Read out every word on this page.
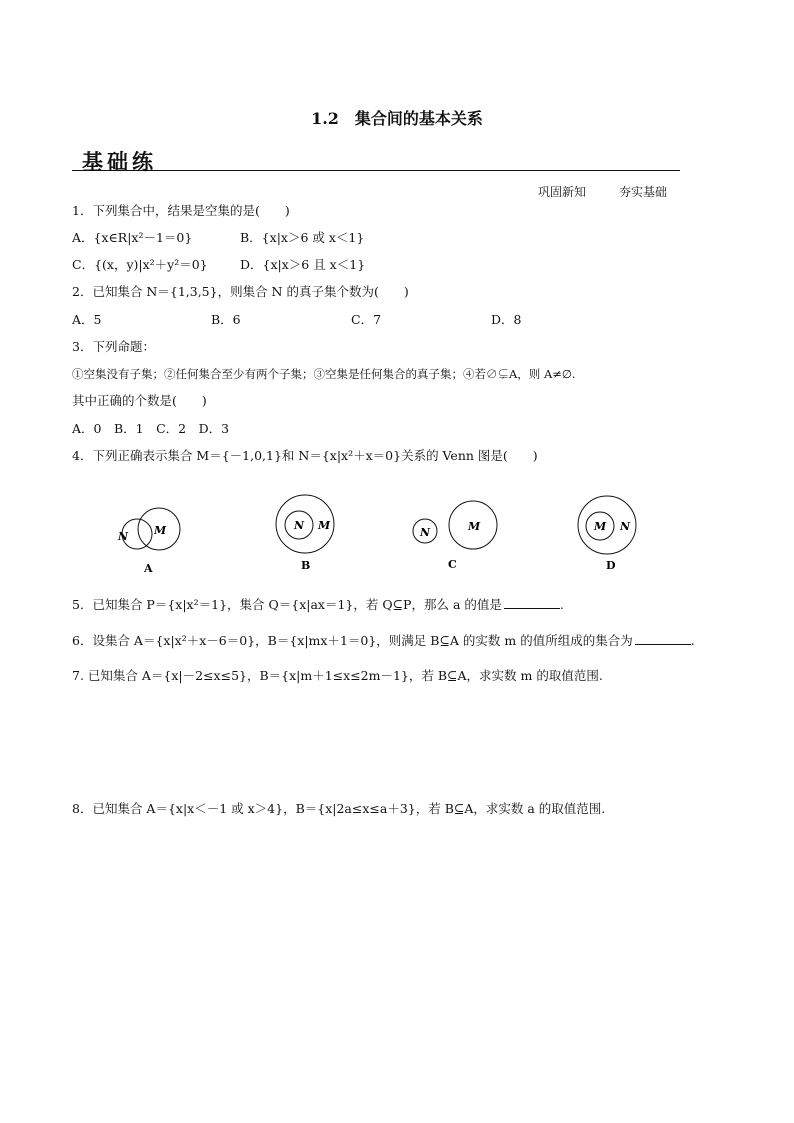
1.2　集合间的基本关系
基础练
巩固新知	夯实基础
1．下列集合中，结果是空集的是(　　)
A．{x∈R|x²－1＝0}	B．{x|x＞6 或 x＜1}
C．{(x，y)|x²＋y²＝0}	D．{x|x＞6 且 x＜1}
2．已知集合 N＝{1,3,5}，则集合 N 的真子集个数为(　　)
A．5	B．6	C．7	D．8
3．下列命题：
①空集没有子集；②任何集合至少有两个子集；③空集是任何集合的真子集；④若∅⊊A，则 A≠∅.
其中正确的个数是(　　)
A．0　B．1　C．2　D．3
4．下列正确表示集合 M＝{－1,0,1}和 N＝{x|x²＋x＝0}关系的 Venn 图是(　　)
M
N
A
N M
B
N	M
C
M N
D
5．已知集合 P＝{x|x²＝1}，集合 Q＝{x|ax＝1}，若 Q⊆P，那么 a 的值是	.
6．设集合 A＝{x|x²＋x－6＝0}，B＝{x|mx＋1＝0}，则满足 B⊆A 的实数 m 的值所组成的集合为	.
7. 已知集合 A＝{x|－2≤x≤5}，B＝{x|m＋1≤x≤2m－1}，若 B⊆A，求实数 m 的取值范围.
8．已知集合 A＝{x|x＜－1 或 x＞4}，B＝{x|2a≤x≤a＋3}，若 B⊆A，求实数 a 的取值范围.
